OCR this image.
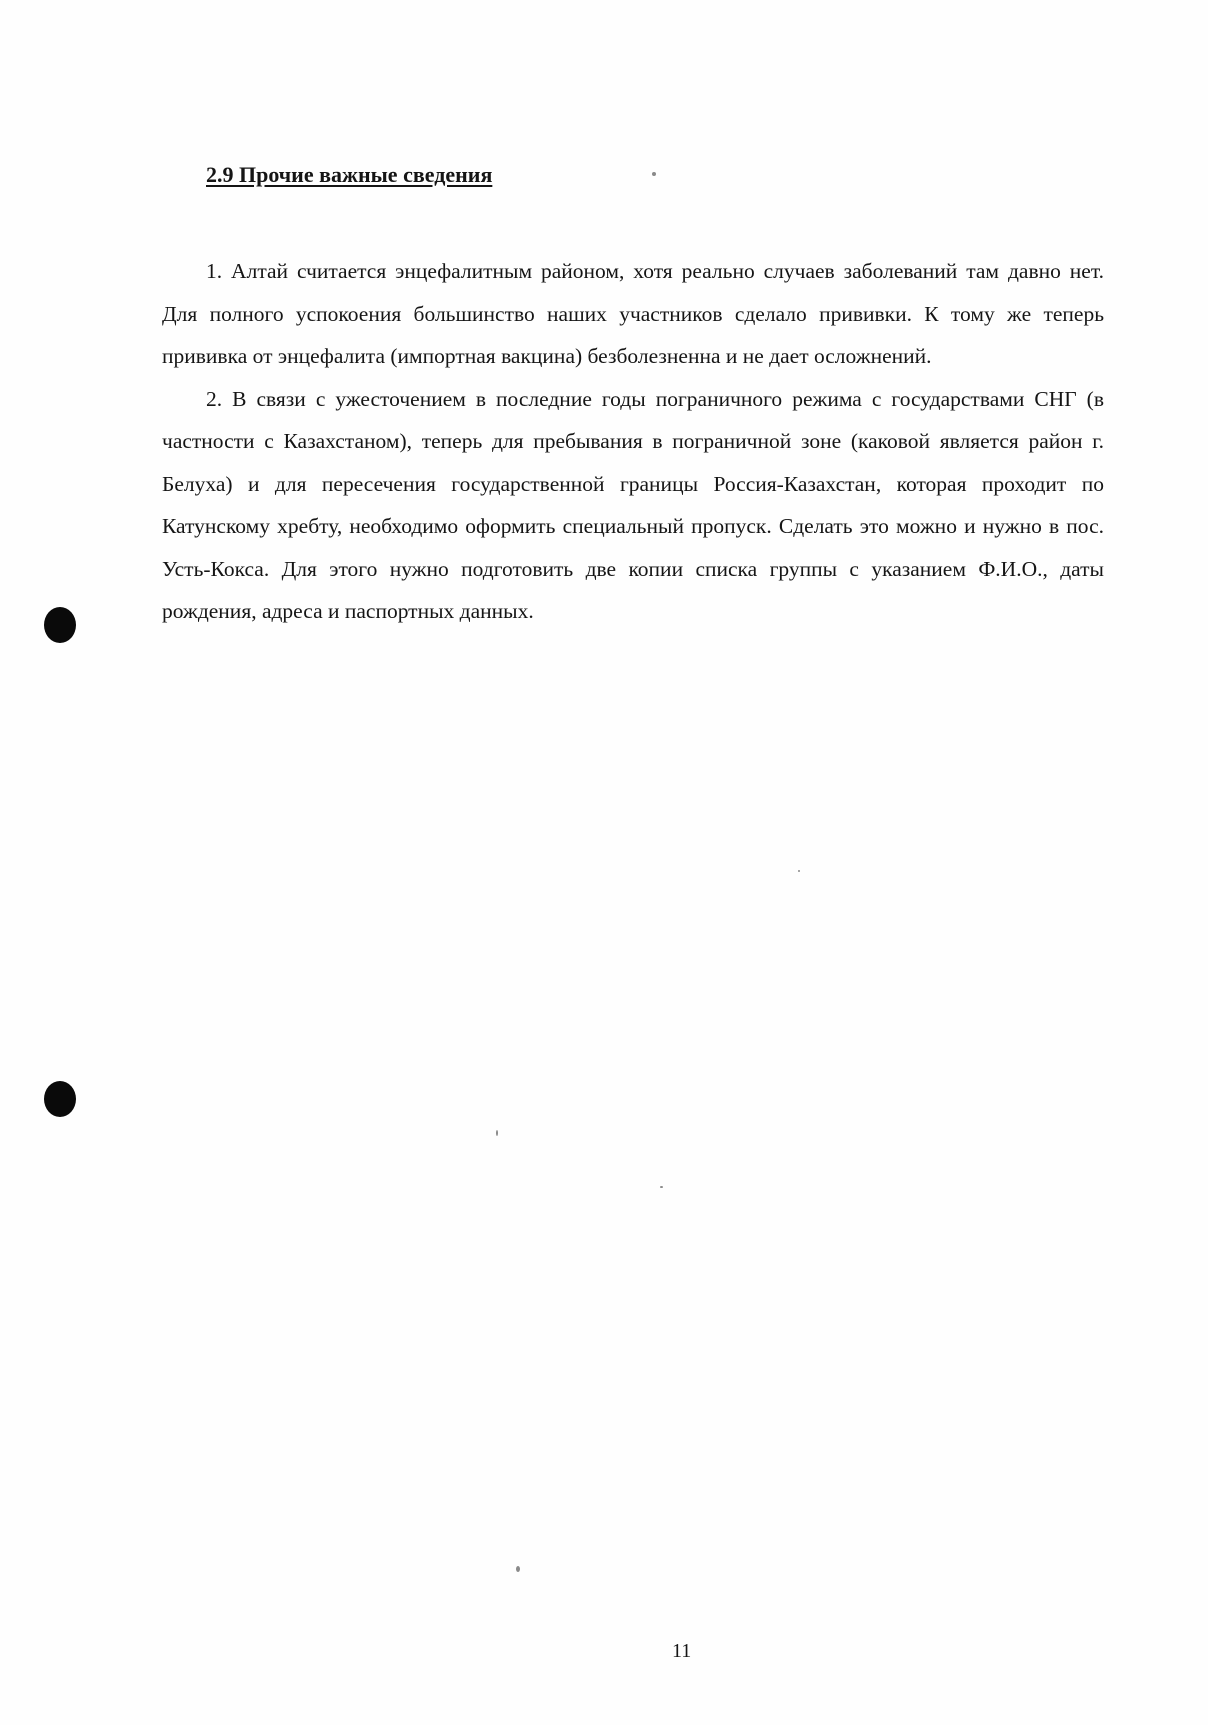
2.9 Прочие важные сведения

1. Алтай считается энцефалитным районом, хотя реально случаев заболеваний там давно нет. Для полного успокоения большинство наших участников сделало прививки. К тому же теперь прививка от энцефалита (импортная вакцина) безболезненна и не дает осложнений.

2. В связи с ужесточением в последние годы пограничного режима с государствами СНГ (в частности с Казахстаном), теперь для пребывания в пограничной зоне (каковой является район г. Белуха) и для пересечения государственной границы Россия-Казахстан, которая проходит по Катунскому хребту, необходимо оформить специальный пропуск. Сделать это можно и нужно в пос. Усть-Кокса. Для этого нужно подготовить две копии списка группы с указанием Ф.И.О., даты рождения, адреса и паспортных данных.

11
